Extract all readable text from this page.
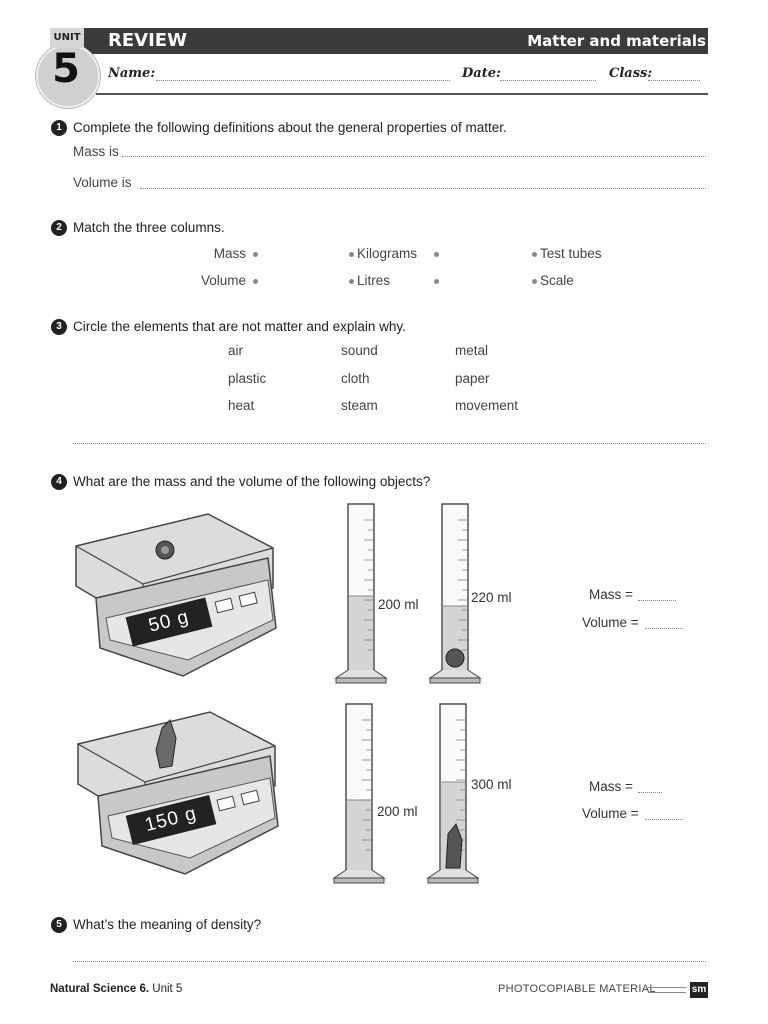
UNIT
5
REVIEW	Matter and materials
Name:	Date:	Class:
1 Complete the following definitions about the general properties of matter.
Mass is
Volume is
2 Match the three columns.
Mass	Kilograms	Test tubes
Volume	Litres	Scale
3 Circle the elements that are not matter and explain why.
air	sound	metal
plastic	cloth	paper
heat	steam	movement
4 What are the mass and the volume of the following objects?
50 g
200 ml	220 ml	Mass =
Volume =
150 g	200 ml
300 ml	Mass =
Volume =
5 What’s the meaning of density?
Natural Science 6. Unit 5	PHOTOCOPIABLE MATERIAL	sm
